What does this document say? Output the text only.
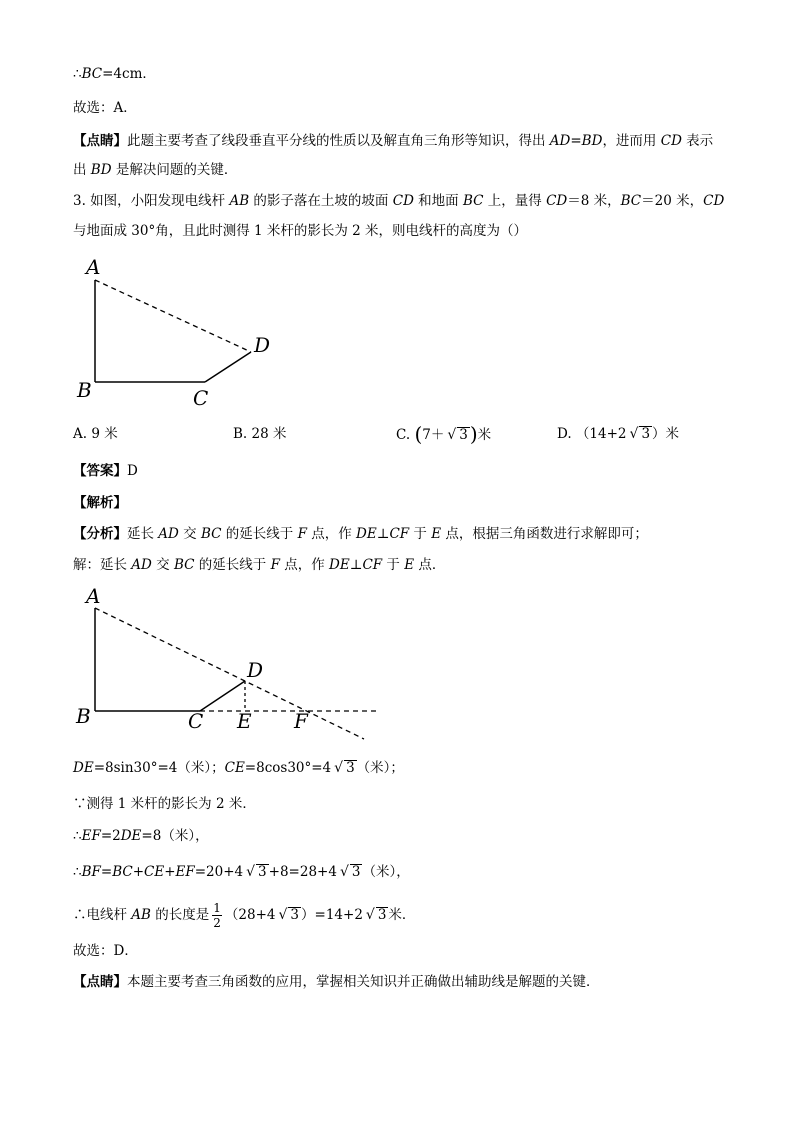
∴BC=4cm．
故选：A．
【点睛】此题主要考查了线段垂直平分线的性质以及解直角三角形等知识，得出 AD=BD，进而用 CD 表示
出 BD 是解决问题的关键．
3. 如图，小阳发现电线杆 AB 的影子落在土坡的坡面 CD 和地面 BC 上，量得 CD＝8 米，BC＝20 米，CD
与地面成 30°角，且此时测得 1 米杆的影长为 2 米，则电线杆的高度为（）
A
B	C
D
A
B	C
D
E F
A. 9 米	B. 28 米	C. (7＋ √ 3 )米	D. （14+2 √ 3 ）米
【答案】D
【解析】
【分析】延长 AD 交 BC 的延长线于 F 点，作 DE⊥CF 于 E 点，根据三角函数进行求解即可；
解：延长 AD 交 BC 的延长线于 F 点，作 DE⊥CF 于 E 点．
DE=8sin30°=4（米）；CE=8cos30°=4 √ 3 （米）；
∵测得 1 米杆的影长为 2 米．
∴EF=2DE=8（米），
∴BF=BC+CE+EF=20+4 √ 3 +8=28+4 √ 3 （米），
∴电线杆 AB 的长度是 $\frac{1}{2} (28+4$ √ 3 ）=14+2 √ 3 米．
故选：D．
【点睛】本题主要考查三角函数的应用，掌握相关知识并正确做出辅助线是解题的关键．
